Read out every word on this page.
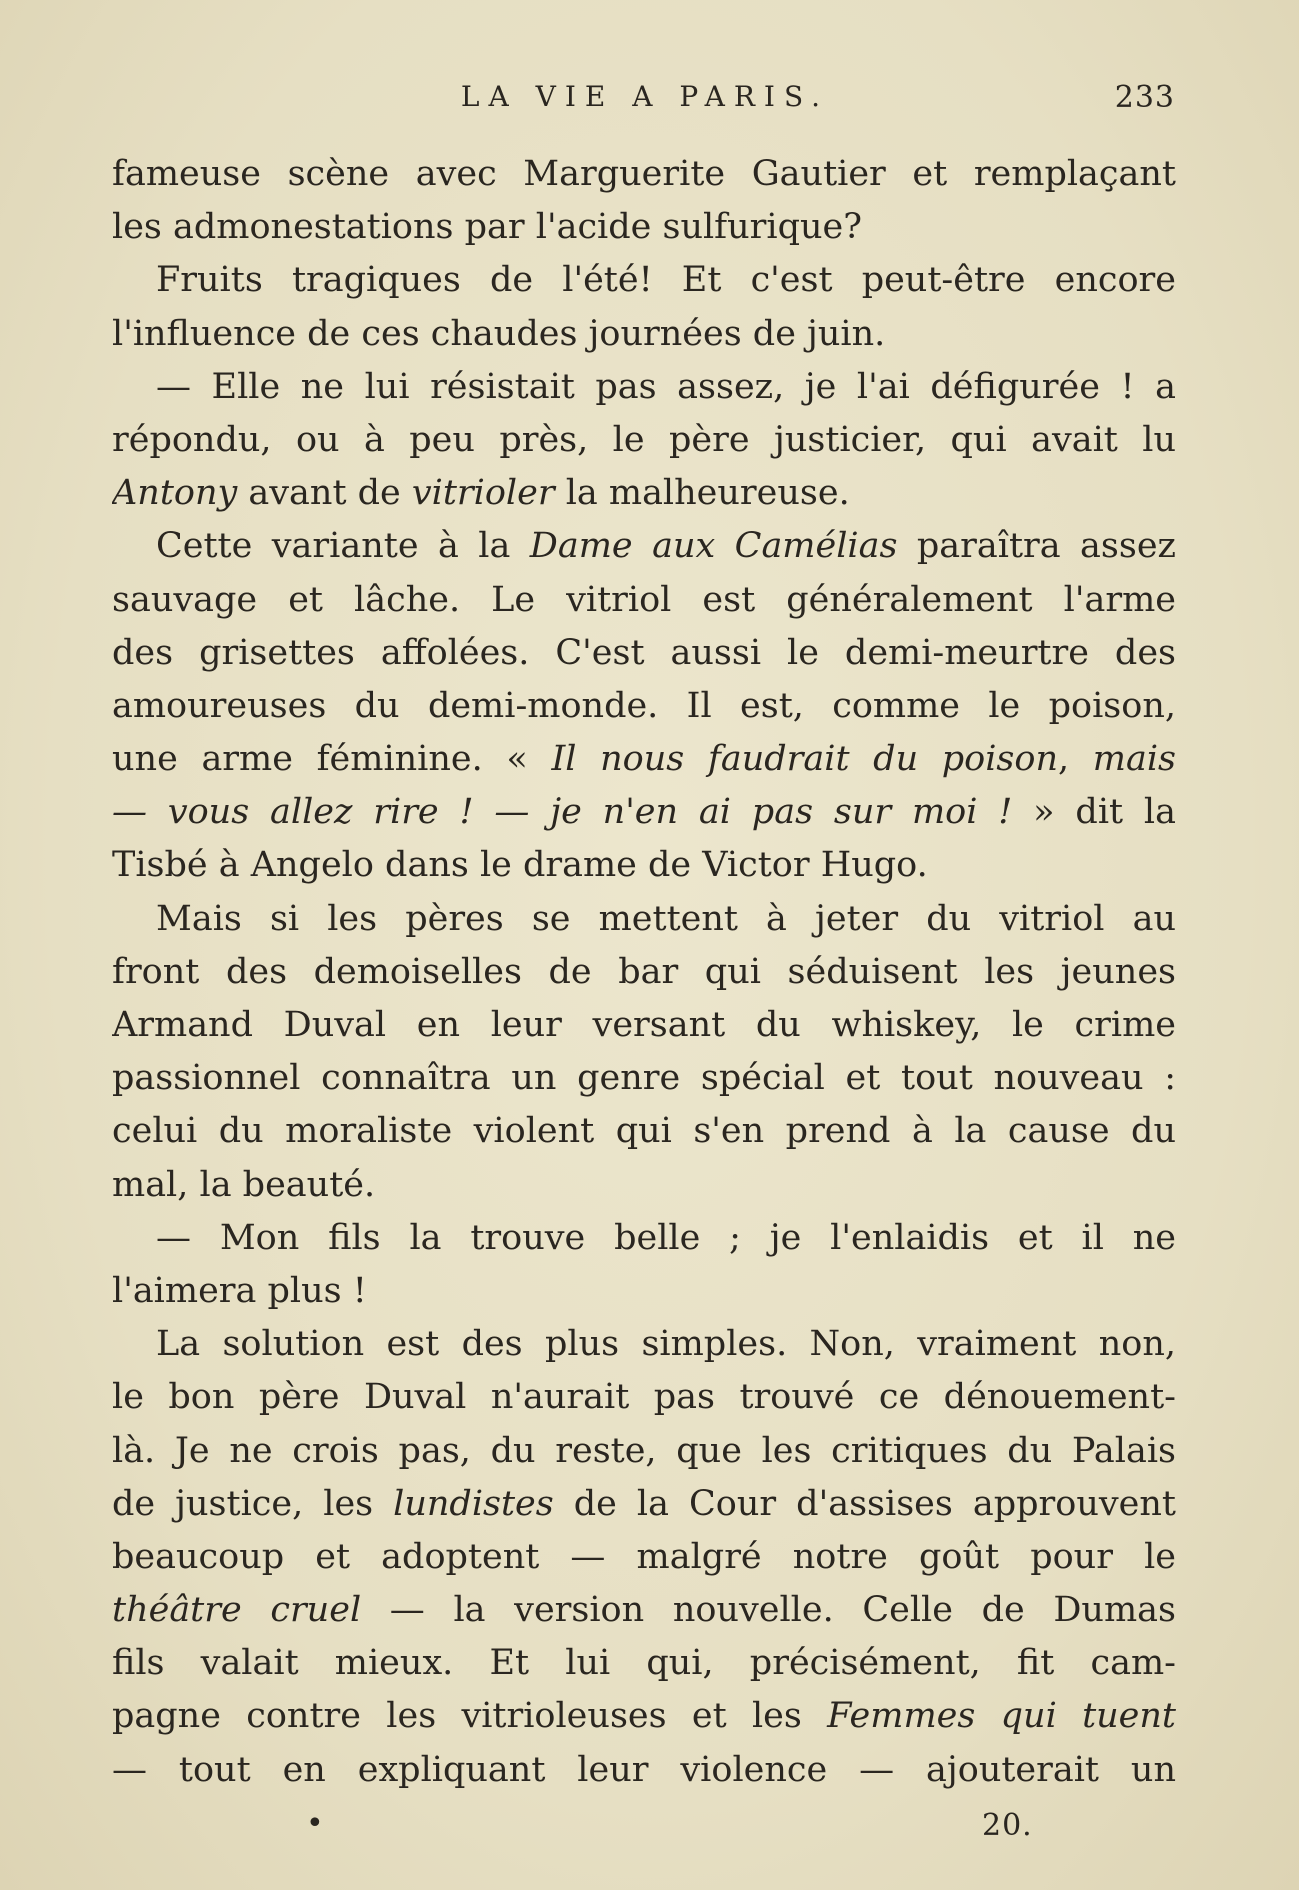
LA VIE A PARIS.	233
fameuse scène avec Marguerite Gautier et remplaçant
les admonestations par l'acide sulfurique?
Fruits tragiques de l'été! Et c'est peut-être encore
l'influence de ces chaudes journées de juin.
— Elle ne lui résistait pas assez, je l'ai défigurée ! a
répondu, ou à peu près, le père justicier, qui avait lu
Antony avant de vitrioler la malheureuse.
Cette variante à la Dame aux Camélias paraîtra assez
sauvage et lâche. Le vitriol est généralement l'arme
des grisettes affolées. C'est aussi le demi-meurtre des
amoureuses du demi-monde. Il est, comme le poison,
une arme féminine. « Il nous faudrait du poison, mais
— vous allez rire ! — je n'en ai pas sur moi ! » dit la
Tisbé à Angelo dans le drame de Victor Hugo.
Mais si les pères se mettent à jeter du vitriol au
front des demoiselles de bar qui séduisent les jeunes
Armand Duval en leur versant du whiskey, le crime
passionnel connaîtra un genre spécial et tout nouveau :
celui du moraliste violent qui s'en prend à la cause du
mal, la beauté.
— Mon fils la trouve belle ; je l'enlaidis et il ne
l'aimera plus !
La solution est des plus simples. Non, vraiment non,
le bon père Duval n'aurait pas trouvé ce dénouement-
là. Je ne crois pas, du reste, que les critiques du Palais
de justice, les lundistes de la Cour d'assises approuvent
beaucoup et adoptent — malgré notre goût pour le
théâtre cruel — la version nouvelle. Celle de Dumas
fils valait mieux. Et lui qui, précisément, fit cam-
pagne contre les vitrioleuses et les Femmes qui tuent
— tout en expliquant leur violence — ajouterait un
•	20.
